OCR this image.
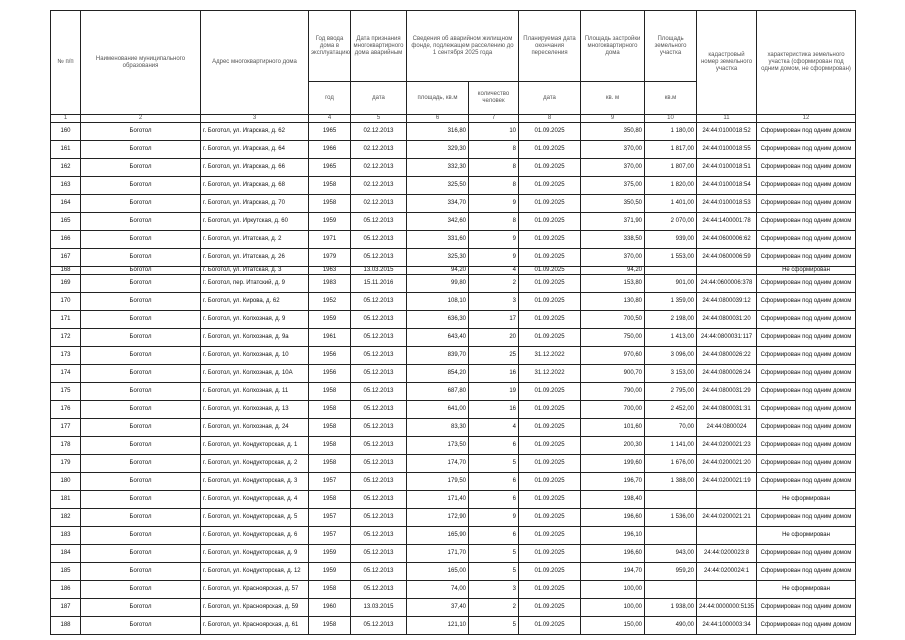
№ п/п	Наименование муниципального образования	Адрес многоквартирного дома	Год ввода дома в эксплуатацию	Дата признания многоквартирного дома аварийным	Сведения об аварийном жилищном фонде, подлежащем расселению до 1 сентября 2025 года		Планируемая дата окончания переселения	Площадь застройки многоквартирного дома	Площадь земельного участка	кадастровый номер земельного участка	характеристика земельного участка (сформирован под одним домом, не сформирован)
			год	дата	площадь, кв.м	количество человек	дата	кв. м	кв.м		
1	2	3	4	5	6	7	8	9	10	11	12
160	Боготол	г. Боготол, ул. Игарская, д. 62	1965	02.12.2013	316,80	10	01.09.2025	350,80	1 180,00	24:44:0100018:52	Сформирован под одним домом
161	Боготол	г. Боготол, ул. Игарская, д. 64	1966	02.12.2013	329,30	8	01.09.2025	370,00	1 817,00	24:44:0100018:55	Сформирован под одним домом
162	Боготол	г. Боготол, ул. Игарская, д. 66	1965	02.12.2013	332,30	8	01.09.2025	370,00	1 807,00	24:44:0100018:51	Сформирован под одним домом
163	Боготол	г. Боготол, ул. Игарская, д. 68	1958	02.12.2013	325,50	8	01.09.2025	375,00	1 820,00	24:44:0100018:54	Сформирован под одним домом
164	Боготол	г. Боготол, ул. Игарская, д. 70	1958	02.12.2013	334,70	9	01.09.2025	350,50	1 401,00	24:44:0100018:53	Сформирован под одним домом
165	Боготол	г. Боготол, ул. Иркутская, д. 60	1959	05.12.2013	342,60	8	01.09.2025	371,90	2 070,00	24:44:1400001:78	Сформирован под одним домом
166	Боготол	г. Боготол, ул. Итатская, д. 2	1971	05.12.2013	331,60	9	01.09.2025	338,50	939,00	24:44:0600006:62	Сформирован под одним домом
167	Боготол	г. Боготол, ул. Итатская, д. 26	1979	05.12.2013	325,30	9	01.09.2025	370,00	1 553,00	24:44:0600006:59	Сформирован под одним домом
168	Боготол	г. Боготол, ул. Итатская, д. 3	1963	13.03.2015	94,20	4	01.09.2025	94,20			Не сформирован
169	Боготол	г. Боготол, пер. Итатский, д. 9	1983	15.11.2016	99,80	2	01.09.2025	153,80	901,00	24:44:0600006:378	Сформирован под одним домом
170	Боготол	г. Боготол, ул. Кирова, д. 62	1952	05.12.2013	108,10	3	01.09.2025	130,80	1 359,00	24:44:0800039:12	Сформирован под одним домом
171	Боготол	г. Боготол, ул. Колхозная, д. 9	1959	05.12.2013	636,30	17	01.09.2025	700,50	2 198,00	24:44:0800031:20	Сформирован под одним домом
172	Боготол	г. Боготол, ул. Колхозная, д. 9а	1961	05.12.2013	643,40	20	01.09.2025	750,00	1 413,00	24:44:0800031:117	Сформирован под одним домом
173	Боготол	г. Боготол, ул. Колхозная, д. 10	1956	05.12.2013	839,70	25	31.12.2022	970,60	3 096,00	24:44:0800026:22	Сформирован под одним домом
174	Боготол	г. Боготол, ул. Колхозная, д. 10А	1956	05.12.2013	854,20	16	31.12.2022	900,70	3 153,00	24:44:0800026:24	Сформирован под одним домом
175	Боготол	г. Боготол, ул. Колхозная, д. 11	1958	05.12.2013	687,80	19	01.09.2025	790,00	2 795,00	24:44:0800031:29	Сформирован под одним домом
176	Боготол	г. Боготол, ул. Колхозная, д. 13	1958	05.12.2013	641,00	16	01.09.2025	700,00	2 452,00	24:44:0800031:31	Сформирован под одним домом
177	Боготол	г. Боготол, ул. Колхозная, д. 24	1958	05.12.2013	83,30	4	01.09.2025	101,60	70,00	24:44:0800024	Сформирован под одним домом
178	Боготол	г. Боготол, ул. Кондукторская, д. 1	1958	05.12.2013	173,50	6	01.09.2025	200,30	1 141,00	24:44:0200021:23	Сформирован под одним домом
179	Боготол	г. Боготол, ул. Кондукторская, д. 2	1958	05.12.2013	174,70	5	01.09.2025	199,60	1 676,00	24:44:0200021:20	Сформирован под одним домом
180	Боготол	г. Боготол, ул. Кондукторская, д. 3	1957	05.12.2013	179,50	6	01.09.2025	196,70	1 388,00	24:44:0200021:19	Сформирован под одним домом
181	Боготол	г. Боготол, ул. Кондукторская, д. 4	1958	05.12.2013	171,40	6	01.09.2025	198,40			Не сформирован
182	Боготол	г. Боготол, ул. Кондукторская, д. 5	1957	05.12.2013	172,90	9	01.09.2025	196,60	1 536,00	24:44:0200021:21	Сформирован под одним домом
183	Боготол	г. Боготол, ул. Кондукторская, д. 6	1957	05.12.2013	165,90	6	01.09.2025	196,10			Не сформирован
184	Боготол	г. Боготол, ул. Кондукторская, д. 9	1959	05.12.2013	171,70	5	01.09.2025	196,60	943,00	24:44:0200023:8	Сформирован под одним домом
185	Боготол	г. Боготол, ул. Кондукторская, д. 12	1959	05.12.2013	165,00	5	01.09.2025	194,70	959,20	24:44:0200024:1	Сформирован под одним домом
186	Боготол	г. Боготол, ул. Красноярская, д. 57	1958	05.12.2013	74,00	3	01.09.2025	100,00			Не сформирован
187	Боготол	г. Боготол, ул. Красноярская, д. 59	1960	13.03.2015	37,40	2	01.09.2025	100,00	1 938,00	24:44:0000000:5135	Сформирован под одним домом
188	Боготол	г. Боготол, ул. Красноярская, д. 61	1958	05.12.2013	121,10	5	01.09.2025	150,00	490,00	24:44:1000003:34	Сформирован под одним домом
